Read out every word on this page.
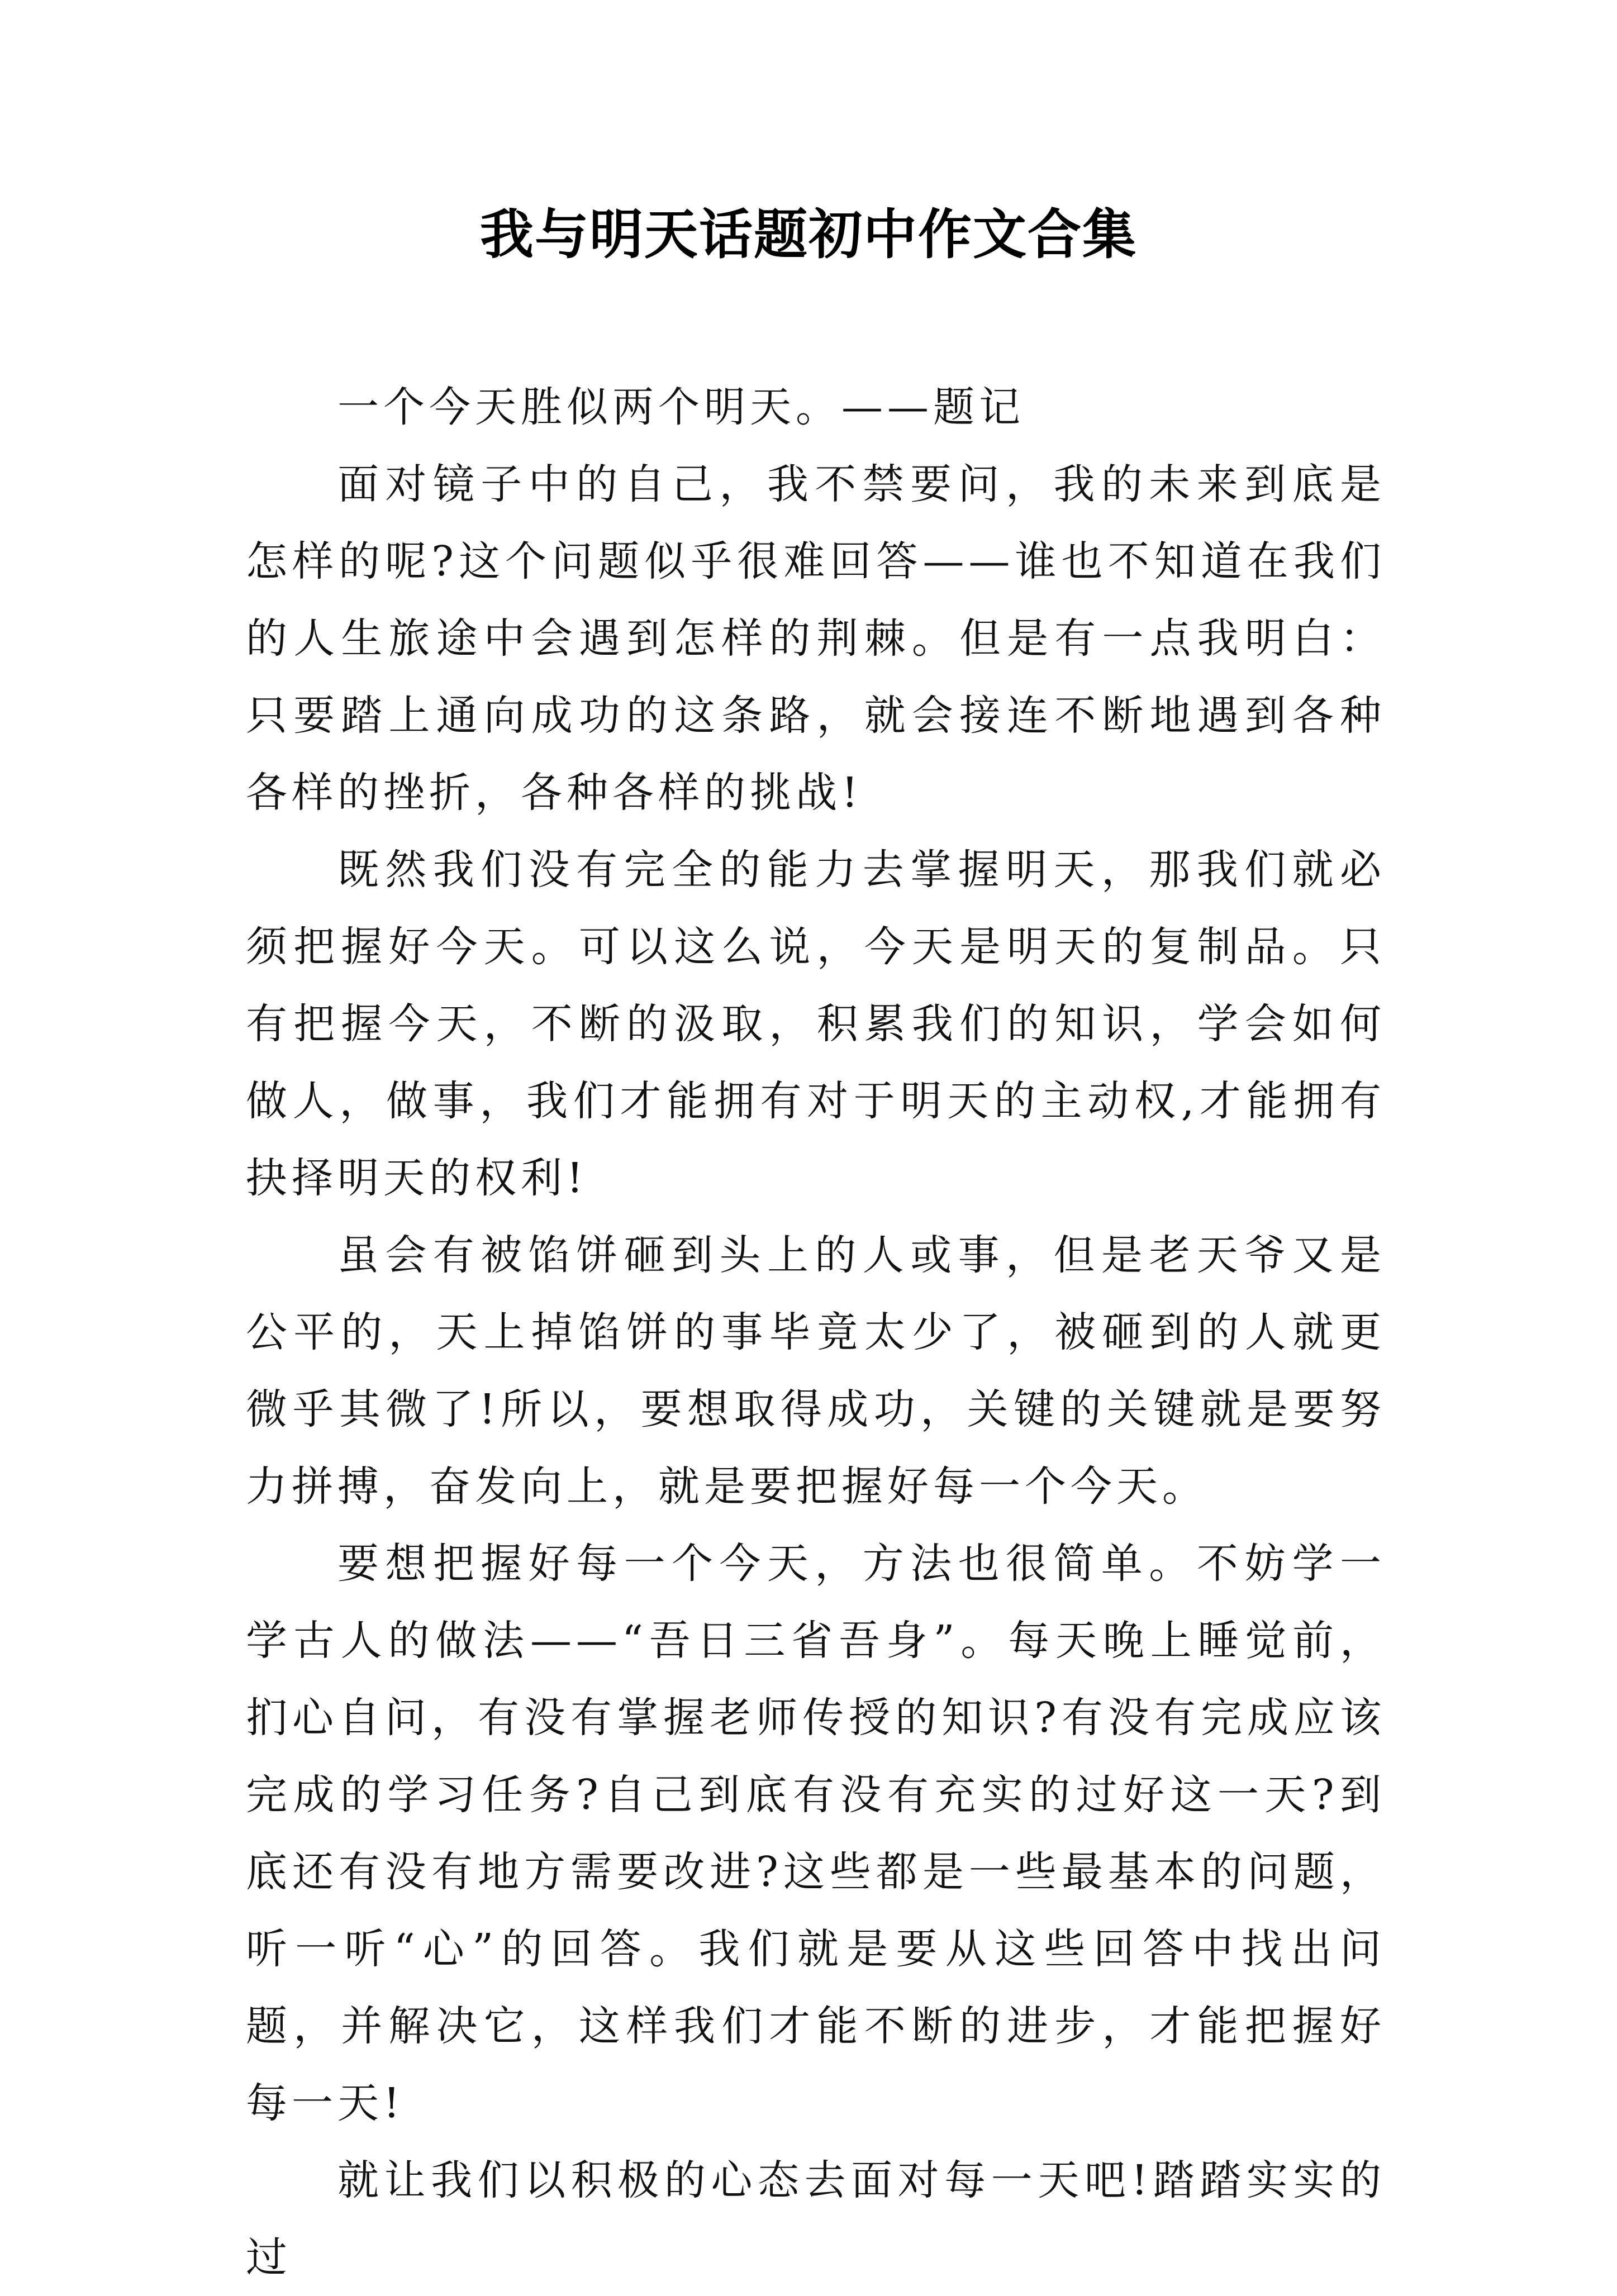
我与明天话题初中作文合集

一个今天胜似两个明天。——题记

面对镜子中的自己，我不禁要问，我的未来到底是怎样的呢?这个问题似乎很难回答——谁也不知道在我们的人生旅途中会遇到怎样的荆棘。但是有一点我明白：只要踏上通向成功的这条路，就会接连不断地遇到各种各样的挫折，各种各样的挑战!

既然我们没有完全的能力去掌握明天，那我们就必须把握好今天。可以这么说，今天是明天的复制品。只有把握今天，不断的汲取，积累我们的知识，学会如何做人，做事，我们才能拥有对于明天的主动权,才能拥有抉择明天的权利!

虽会有被馅饼砸到头上的人或事，但是老天爷又是公平的，天上掉馅饼的事毕竟太少了，被砸到的人就更微乎其微了!所以，要想取得成功，关键的关键就是要努力拼搏，奋发向上，就是要把握好每一个今天。

要想把握好每一个今天，方法也很简单。不妨学一学古人的做法——“吾日三省吾身”。每天晚上睡觉前，扪心自问，有没有掌握老师传授的知识?有没有完成应该完成的学习任务?自己到底有没有充实的过好这一天?到底还有没有地方需要改进?这些都是一些最基本的问题，听一听“心”的回答。我们就是要从这些回答中找出问题，并解决它，这样我们才能不断的进步，才能把握好每一天!

就让我们以积极的心态去面对每一天吧!踏踏实实的过
